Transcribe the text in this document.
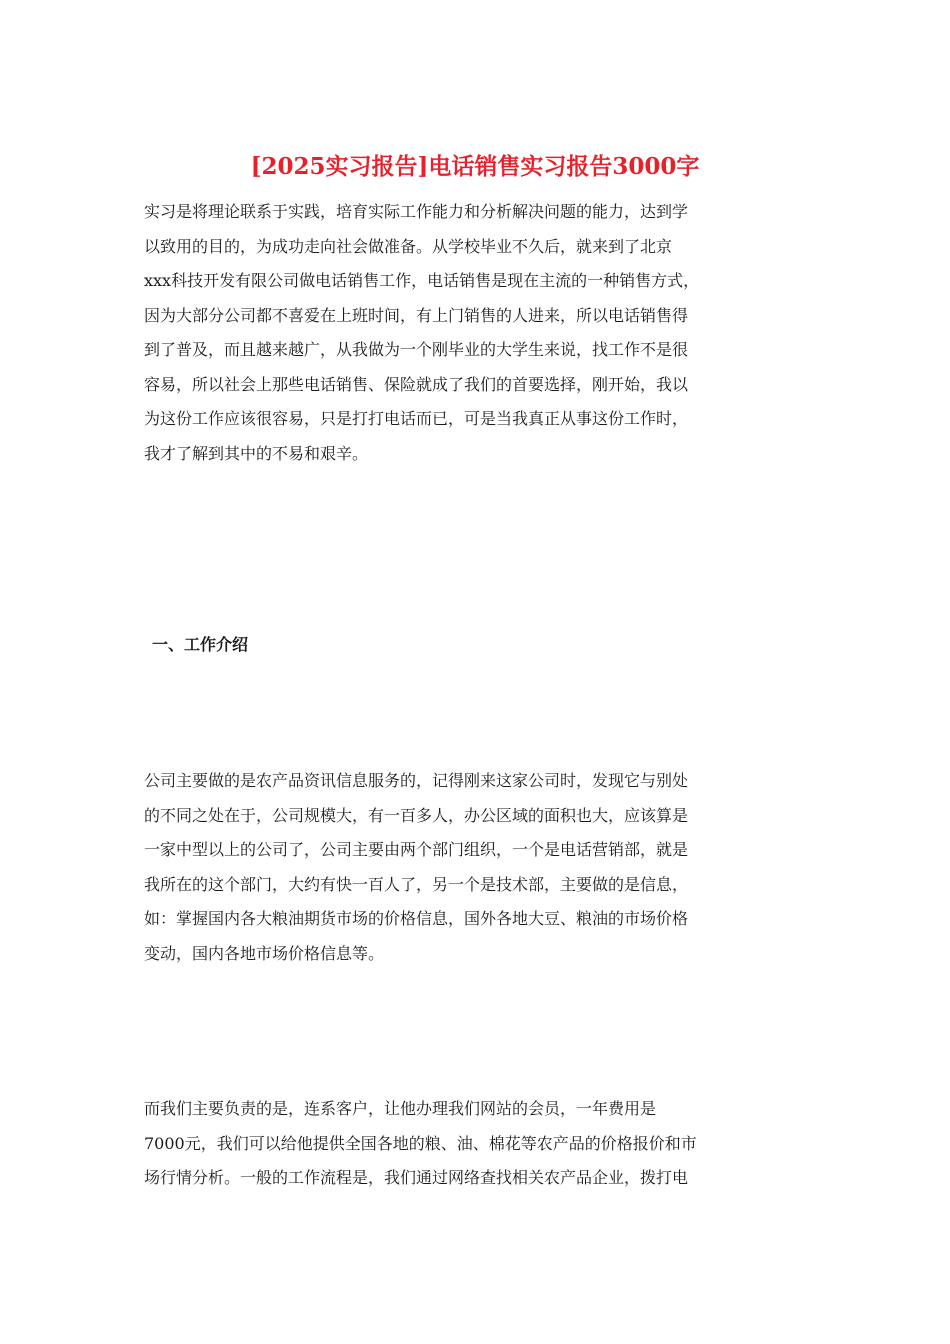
[2025实习报告]电话销售实习报告3000字

实习是将理论联系于实践，培育实际工作能力和分析解决问题的能力，达到学
以致用的目的，为成功走向社会做准备。从学校毕业不久后，就来到了北京
xxx科技开发有限公司做电话销售工作，电话销售是现在主流的一种销售方式，
因为大部分公司都不喜爱在上班时间，有上门销售的人进来，所以电话销售得
到了普及，而且越来越广，从我做为一个刚毕业的大学生来说，找工作不是很
容易，所以社会上那些电话销售、保险就成了我们的首要选择，刚开始，我以
为这份工作应该很容易，只是打打电话而已，可是当我真正从事这份工作时，
我才了解到其中的不易和艰辛。

一、工作介绍

公司主要做的是农产品资讯信息服务的，记得刚来这家公司时，发现它与别处
的不同之处在于，公司规模大，有一百多人，办公区域的面积也大，应该算是
一家中型以上的公司了，公司主要由两个部门组织，一个是电话营销部，就是
我所在的这个部门，大约有快一百人了，另一个是技术部，主要做的是信息，
如：掌握国内各大粮油期货市场的价格信息，国外各地大豆、粮油的市场价格
变动，国内各地市场价格信息等。

而我们主要负责的是，连系客户，让他办理我们网站的会员，一年费用是
7000元，我们可以给他提供全国各地的粮、油、棉花等农产品的价格报价和市
场行情分析。一般的工作流程是，我们通过网络查找相关农产品企业，拨打电
